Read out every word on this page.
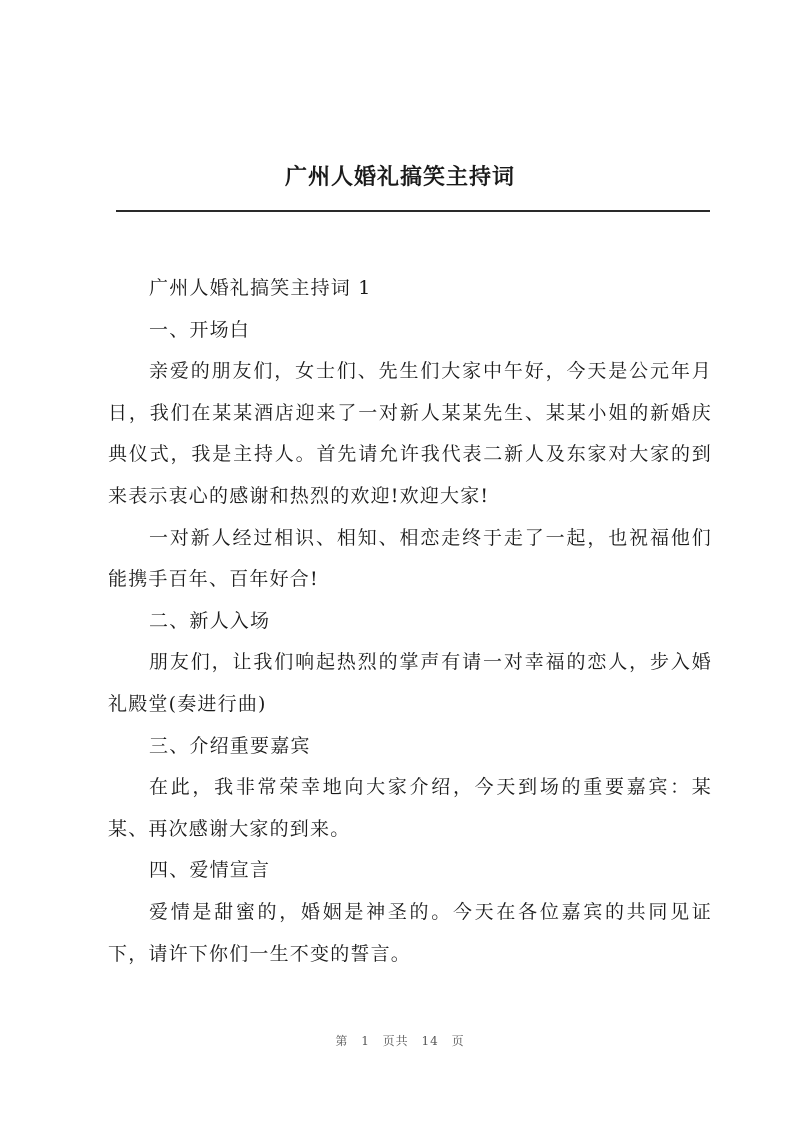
广州人婚礼搞笑主持词

广州人婚礼搞笑主持词 1

一、开场白

亲爱的朋友们，女士们、先生们大家中午好，今天是公元年月日，我们在某某酒店迎来了一对新人某某先生、某某小姐的新婚庆典仪式，我是主持人。首先请允许我代表二新人及东家对大家的到来表示衷心的感谢和热烈的欢迎!欢迎大家!

一对新人经过相识、相知、相恋走终于走了一起，也祝福他们能携手百年、百年好合!

二、新人入场

朋友们，让我们响起热烈的掌声有请一对幸福的恋人，步入婚礼殿堂(奏进行曲)

三、介绍重要嘉宾

在此，我非常荣幸地向大家介绍，今天到场的重要嘉宾：某某、再次感谢大家的到来。

四、爱情宣言

爱情是甜蜜的，婚姻是神圣的。今天在各位嘉宾的共同见证下，请许下你们一生不变的誓言。

第 1 页共 14 页
